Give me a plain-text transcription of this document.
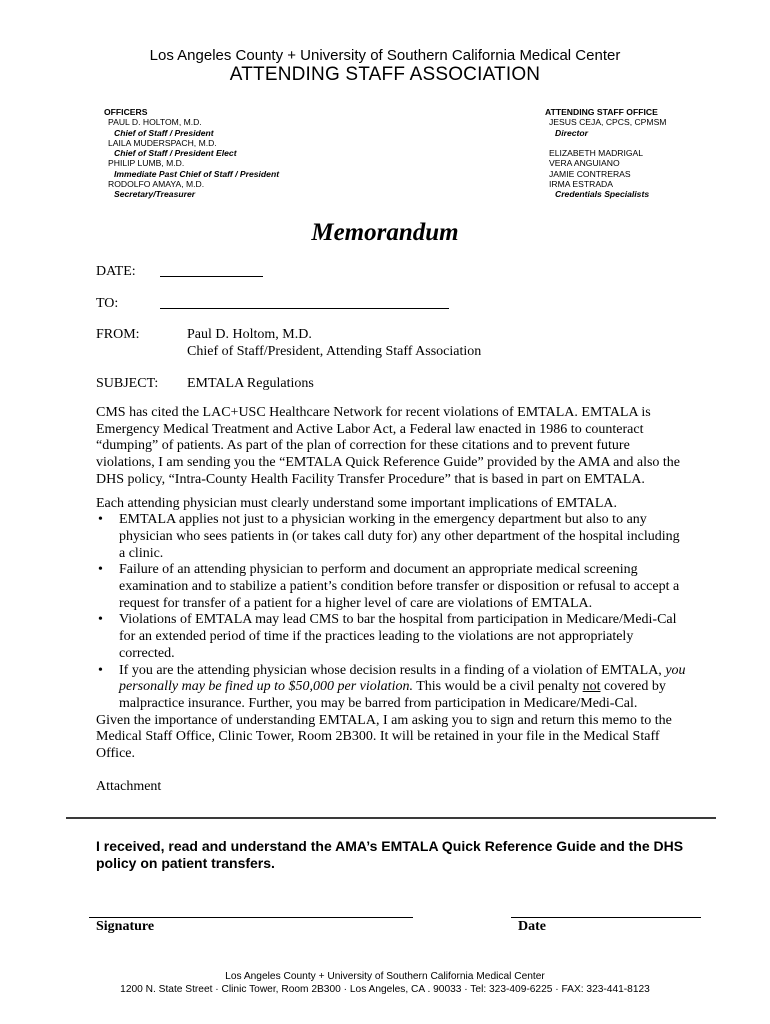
Los Angeles County + University of Southern California Medical Center
ATTENDING STAFF ASSOCIATION
OFFICERS
PAUL D. HOLTOM, M.D.
Chief of Staff / President
LAILA MUDERSPACH, M.D.
Chief of Staff / President Elect
PHILIP LUMB, M.D.
Immediate Past Chief of Staff / President
RODOLFO AMAYA, M.D.
Secretary/Treasurer
ATTENDING STAFF OFFICE
JESUS CEJA, CPCS, CPMSM
Director
ELIZABETH MADRIGAL
VERA ANGUIANO
JAMIE CONTRERAS
IRMA ESTRADA
Credentials Specialists
Memorandum
DATE:
TO:
FROM:	Paul D. Holtom, M.D.
Chief of Staff/President, Attending Staff Association
SUBJECT: EMTALA Regulations

CMS has cited the LAC+USC Healthcare Network for recent violations of EMTALA. EMTALA is Emergency Medical Treatment and Active Labor Act, a Federal law enacted in 1986 to counteract “dumping” of patients. As part of the plan of correction for these citations and to prevent future violations, I am sending you the “EMTALA Quick Reference Guide” provided by the AMA and also the DHS policy, “Intra-County Health Facility Transfer Procedure” that is based in part on EMTALA.

Each attending physician must clearly understand some important implications of EMTALA.

• EMTALA applies not just to a physician working in the emergency department but also to any physician who sees patients in (or takes call duty for) any other department of the hospital including a clinic.
• Failure of an attending physician to perform and document an appropriate medical screening examination and to stabilize a patient’s condition before transfer or disposition or refusal to accept a request for transfer of a patient for a higher level of care are violations of EMTALA.
• Violations of EMTALA may lead CMS to bar the hospital from participation in Medicare/Medi-Cal for an extended period of time if the practices leading to the violations are not appropriately corrected.
• If you are the attending physician whose decision results in a finding of a violation of EMTALA, you personally may be fined up to $50,000 per violation. This would be a civil penalty not covered by malpractice insurance. Further, you may be barred from participation in Medicare/Medi-Cal.

Given the importance of understanding EMTALA, I am asking you to sign and return this memo to the Medical Staff Office, Clinic Tower, Room 2B300. It will be retained in your file in the Medical Staff Office.

Attachment

I received, read and understand the AMA’s EMTALA Quick Reference Guide and the DHS policy on patient transfers.
Signature	Date
Los Angeles County + University of Southern California Medical Center
1200 N. State Street · Clinic Tower, Room 2B300 · Los Angeles, CA . 90033 · Tel: 323-409-6225 · FAX: 323-441-8123
